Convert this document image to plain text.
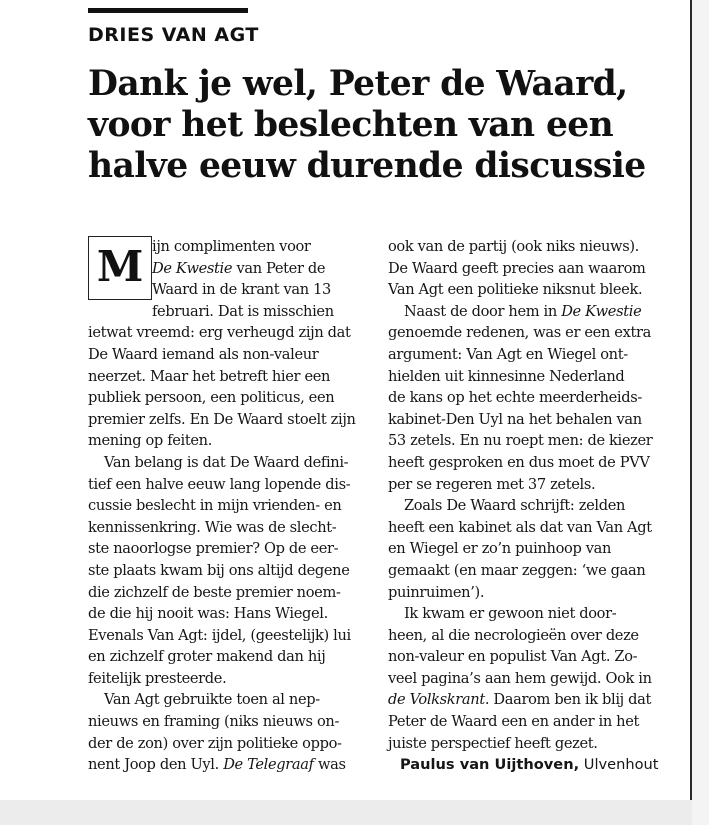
DRIES VAN AGT
Dank je wel, Peter de Waard,
voor het beslechten van een
halve eeuw durende discussie
M ijn complimenten voor
De Kwestie van Peter de
Waard in de krant van 13
februari. Dat is misschien
ietwat vreemd: erg verheugd zijn dat
De Waard iemand als non-valeur
neerzet. Maar het betreft hier een
publiek persoon, een politicus, een
premier zelfs. En De Waard stoelt zijn
mening op feiten.
Van belang is dat De Waard defini-
tief een halve eeuw lang lopende dis-
cussie beslecht in mijn vrienden- en
kennissenkring. Wie was de slecht-
ste naoorlogse premier? Op de eer-
ste plaats kwam bij ons altijd degene
die zichzelf de beste premier noem-
de die hij nooit was: Hans Wiegel.
Evenals Van Agt: ijdel, (geestelijk) lui
en zichzelf groter makend dan hij
feitelijk presteerde.
Van Agt gebruikte toen al nep-
nieuws en framing (niks nieuws on-
der de zon) over zijn politieke oppo-
nent Joop den Uyl. De Telegraaf was
ook van de partij (ook niks nieuws).
De Waard geeft precies aan waarom
Van Agt een politieke niksnut bleek.
Naast de door hem in De Kwestie
genoemde redenen, was er een extra
argument: Van Agt en Wiegel ont-
hielden uit kinnesinne Nederland
de kans op het echte meerderheids-
kabinet-Den Uyl na het behalen van
53 zetels. En nu roept men: de kiezer
heeft gesproken en dus moet de PVV
per se regeren met 37 zetels.
Zoals De Waard schrijft: zelden
heeft een kabinet als dat van Van Agt
en Wiegel er zo’n puinhoop van
gemaakt (en maar zeggen: ‘we gaan
puinruimen’).
Ik kwam er gewoon niet door-
heen, al die necrologieën over deze
non-valeur en populist Van Agt. Zo-
veel pagina’s aan hem gewijd. Ook in
de Volkskrant. Daarom ben ik blij dat
Peter de Waard een en ander in het
juiste perspectief heeft gezet.
Paulus van Uijthoven, Ulvenhout
